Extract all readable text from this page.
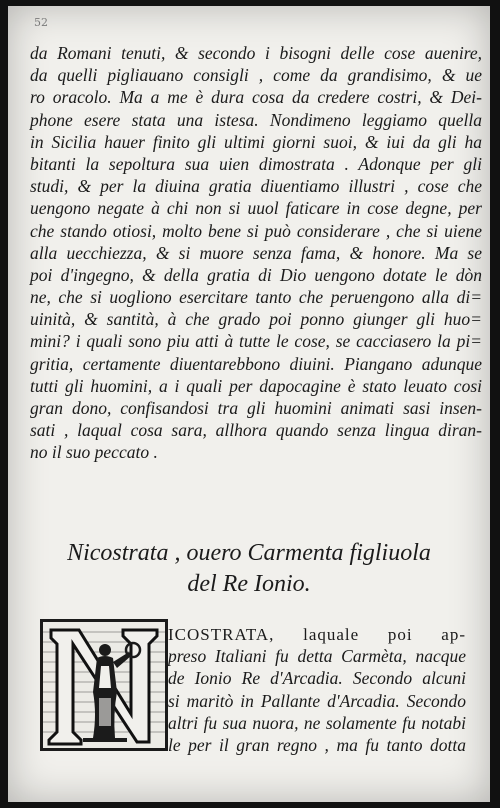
52
da Romani tenuti, & secondo i bisogni delle cose auenire,
da quelli pigliauano consigli , come da grandisimo, & ue
ro oracolo. Ma a me è dura cosa da credere costri, & Dei-
phone esere stata una istesa. Nondimeno leggiamo quella
in Sicilia hauer finito gli ultimi giorni suoi, & iui da gli ha
bitanti la sepoltura sua uien dimostrata . Adonque per gli
studi, & per la diuina gratia diuentiamo illustri , cose che
uengono negate à chi non si uuol faticare in cose degne, per
che stando otiosi, molto bene si può considerare , che si uiene
alla uecchiezza, & si muore senza fama, & honore. Ma se
poi d'ingegno, & della gratia di Dio uengono dotate le dòn
ne, che si uogliono esercitare tanto che peruengono alla di=
uinità, & santità, à che grado poi ponno giunger gli huo=
mini? i quali sono piu atti à tutte le cose, se cacciasero la pi=
gritia, certamente diuentarebbono diuini. Piangano adunque
tutti gli huomini, a i quali per dapocagine è stato leuato cosi
gran dono, confisandosi tra gli huomini animati sasi insen-
sati , laqual cosa sara, allhora quando senza lingua diran-
no il suo peccato .
Nicostrata , ouero Carmenta figliuola
del Re Ionio.
ICOSTRATA, laquale poi ap-
preso Italiani fu detta Carmèta, nacque
de Ionio Re d'Arcadia. Secondo alcuni
si maritò in Pallante d'Arcadia. Secondo
altri fu sua nuora, ne solamente fu notabi
le per il gran regno , ma fu tanto dotta
